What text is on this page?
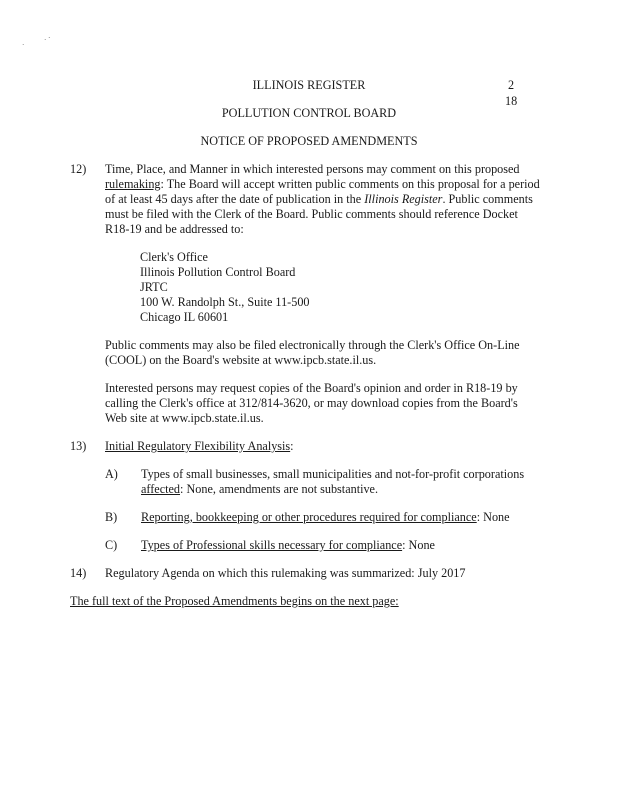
·
· ´
ILLINOIS REGISTER	2
18
POLLUTION CONTROL BOARD
NOTICE OF PROPOSED AMENDMENTS
12) Time, Place, and Manner in which interested persons may comment on this proposed
rulemaking: The Board will accept written public comments on this proposal for a period
of at least 45 days after the date of publication in the Illinois Register. Public comments
must be filed with the Clerk of the Board. Public comments should reference Docket
R18-19 and be addressed to:
Clerk's Office
Illinois Pollution Control Board
JRTC
100 W. Randolph St., Suite 11-500
Chicago IL 60601
Public comments may also be filed electronically through the Clerk's Office On-Line
(COOL) on the Board's website at www.ipcb.state.il.us.
Interested persons may request copies of the Board's opinion and order in R18-19 by
calling the Clerk's office at 312/814-3620, or may download copies from the Board's
Web site at www.ipcb.state.il.us.
13) Initial Regulatory Flexibility Analysis:
A) Types of small businesses, small municipalities and not-for-profit corporations
affected: None, amendments are not substantive.
B) Reporting, bookkeeping or other procedures required for compliance: None
C) Types of Professional skills necessary for compliance: None
14) Regulatory Agenda on which this rulemaking was summarized: July 2017
The full text of the Proposed Amendments begins on the next page:
